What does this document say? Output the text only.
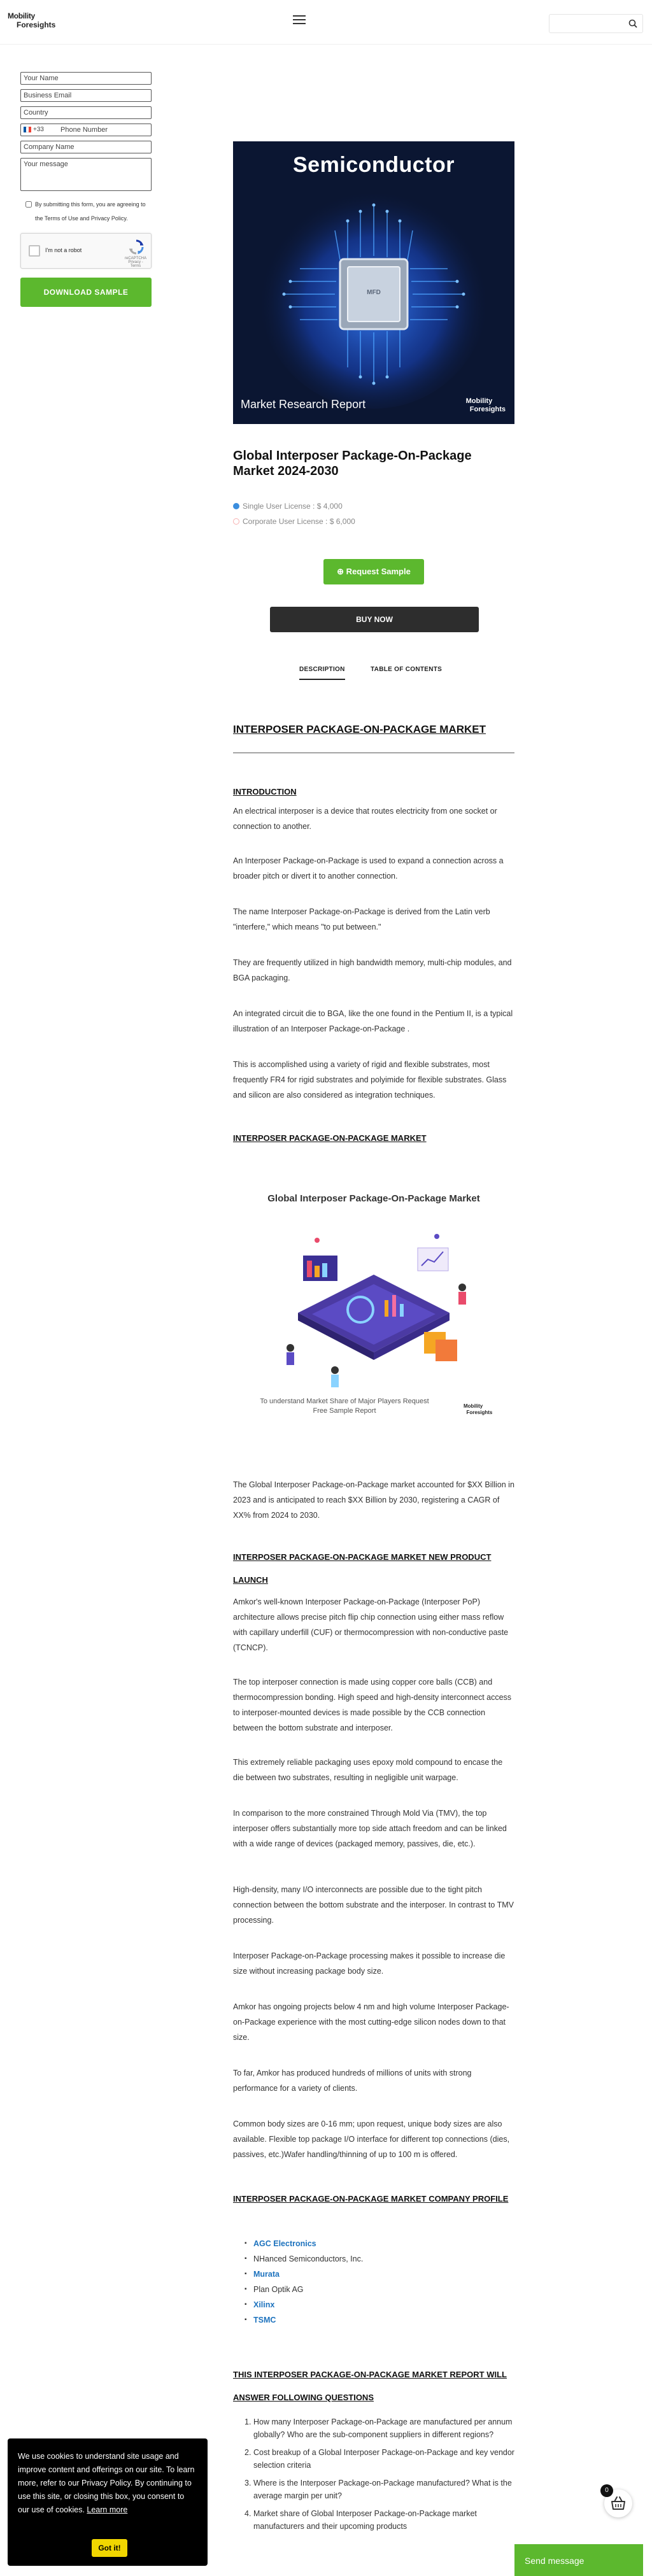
Mobility
Foresights
Your Name
Business Email
Country
+33
Phone Number
Company Name
Your message
By submitting this form, you are agreeing to the Terms of Use and Privacy Policy.
I'm not a robot
reCAPTCHA
Privacy - Terms
DOWNLOAD SAMPLE
Semiconductor
MFD
Market Research Report	Mobility
Foresights
Global Interposer Package-On-Package Market 2024-2030
Single User License :
$ 4,000
Corporate User License :
$ 6,000
⊕ Request Sample
BUY NOW
DESCRIPTION	TABLE OF CONTENTS
INTERPOSER PACKAGE-ON-PACKAGE MARKET
INTRODUCTION
An electrical interposer is a device that routes electricity from one socket or connection to another.
An Interposer Package-on-Package is used to expand a connection across a broader pitch or divert it to another connection.
The name Interposer Package-on-Package is derived from the Latin verb "interfere," which means "to put between."
They are frequently utilized in high bandwidth memory, multi-chip modules, and BGA packaging.
An integrated circuit die to BGA, like the one found in the Pentium II, is a typical illustration of an Interposer Package-on-Package .
This is accomplished using a variety of rigid and flexible substrates, most frequently FR4 for rigid substrates and polyimide for flexible substrates. Glass and silicon are also considered as integration techniques.
INTERPOSER PACKAGE-ON-PACKAGE MARKET
Global Interposer Package-On-Package Market
To understand Market Share of Major Players Request Free Sample Report
Mobility
Foresights
The Global Interposer Package-on-Package market accounted for $XX Billion in 2023 and is anticipated to reach $XX Billion by 2030, registering a CAGR of XX% from 2024 to 2030.
INTERPOSER PACKAGE-ON-PACKAGE MARKET NEW PRODUCT LAUNCH
Amkor's well-known Interposer Package-on-Package (Interposer PoP) architecture allows precise pitch flip chip connection using either mass reflow with capillary underfill (CUF) or thermocompression with non-conductive paste (TCNCP).
The top interposer connection is made using copper core balls (CCB) and thermocompression bonding. High speed and high-density interconnect access to interposer-mounted devices is made possible by the CCB connection between the bottom substrate and interposer.
This extremely reliable packaging uses epoxy mold compound to encase the die between two substrates, resulting in negligible unit warpage.
In comparison to the more constrained Through Mold Via (TMV), the top interposer offers substantially more top side attach freedom and can be linked with a wide range of devices (packaged memory, passives, die, etc.).
High-density, many I/O interconnects are possible due to the tight pitch connection between the bottom substrate and the interposer. In contrast to TMV processing.
Interposer Package-on-Package processing makes it possible to increase die size without increasing package body size.
Amkor has ongoing projects below 4 nm and high volume Interposer Package-on-Package experience with the most cutting-edge silicon nodes down to that size.
To far, Amkor has produced hundreds of millions of units with strong performance for a variety of clients.
Common body sizes are 0-16 mm; upon request, unique body sizes are also available. Flexible top package I/O interface for different top connections (dies, passives, etc.)Wafer handling/thinning of up to 100 m is offered.
INTERPOSER PACKAGE-ON-PACKAGE MARKET COMPANY PROFILE
▪ AGC Electronics
▪ NHanced Semiconductors, Inc.
▪ Murata
▪ Plan Optik AG
▪ Xilinx
▪ TSMC
THIS INTERPOSER PACKAGE-ON-PACKAGE MARKET REPORT WILL ANSWER FOLLOWING QUESTIONS
1. How many Interposer Package-on-Package are manufactured per annum globally? Who are the sub-component suppliers in different regions?
2. Cost breakup of a Global Interposer Package-on-Package and key vendor selection criteria
3. Where is the Interposer Package-on-Package manufactured? What is the average margin per unit?
4. Market share of Global Interposer Package-on-Package market manufacturers and their upcoming products

We use cookies to understand site usage and improve content and offerings on our site. To learn more, refer to our Privacy Policy. By continuing to use this site, or closing this box, you consent to our use of cookies. Learn more

Got it!
0
Send message
